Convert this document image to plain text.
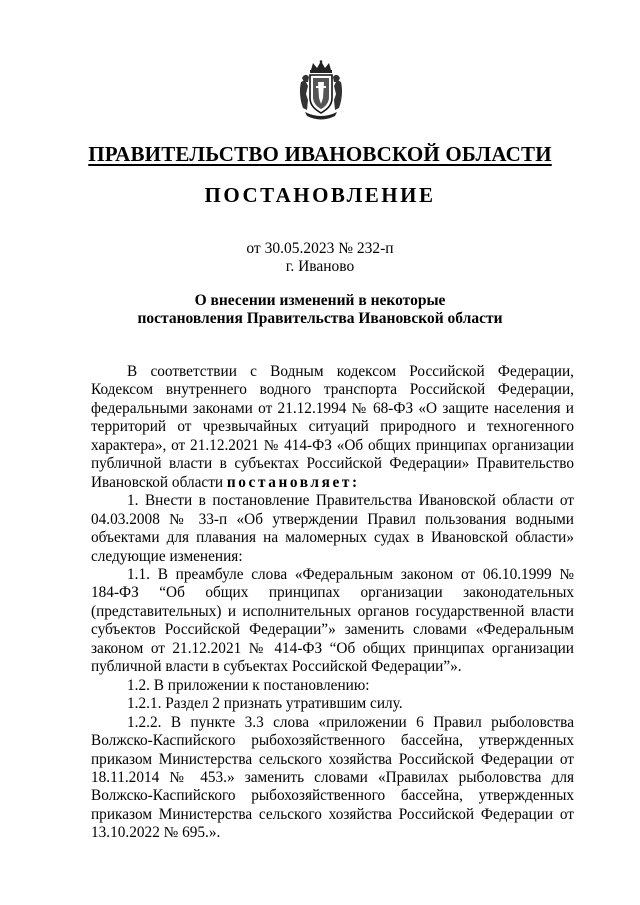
ПРАВИТЕЛЬСТВО ИВАНОВСКОЙ ОБЛАСТИ
ПОСТАНОВЛЕНИЕ
от 30.05.2023 № 232-п
г. Иваново
О внесении изменений в некоторые
постановления Правительства Ивановской области

В соответствии с Водным кодексом Российской Федерации, Кодексом внутреннего водного транспорта Российской Федерации, федеральными законами от 21.12.1994 № 68-ФЗ «О защите населения и территорий от чрезвычайных ситуаций природного и техногенного характера», от 21.12.2021 № 414-ФЗ «Об общих принципах организации публичной власти в субъектах Российской Федерации» Правительство Ивановской области постановляет:

1. Внести в постановление Правительства Ивановской области от 04.03.2008 № 33-п «Об утверждении Правил пользования водными объектами для плавания на маломерных судах в Ивановской области» следующие изменения:

1.1. В преамбуле слова «Федеральным законом от 06.10.1999 № 184-ФЗ “Об общих принципах организации законодательных (представительных) и исполнительных органов государственной власти субъектов Российской Федерации”» заменить словами «Федеральным законом от 21.12.2021 № 414-ФЗ “Об общих принципах организации публичной власти в субъектах Российской Федерации”».

1.2. В приложении к постановлению:

1.2.1. Раздел 2 признать утратившим силу.

1.2.2. В пункте 3.3 слова «приложении 6 Правил рыболовства Волжско-Каспийского рыбохозяйственного бассейна, утвержденных приказом Министерства сельского хозяйства Российской Федерации от 18.11.2014 № 453.» заменить словами «Правилах рыболовства для Волжско-Каспийского рыбохозяйственного бассейна, утвержденных приказом Министерства сельского хозяйства Российской Федерации от 13.10.2022 № 695.».
